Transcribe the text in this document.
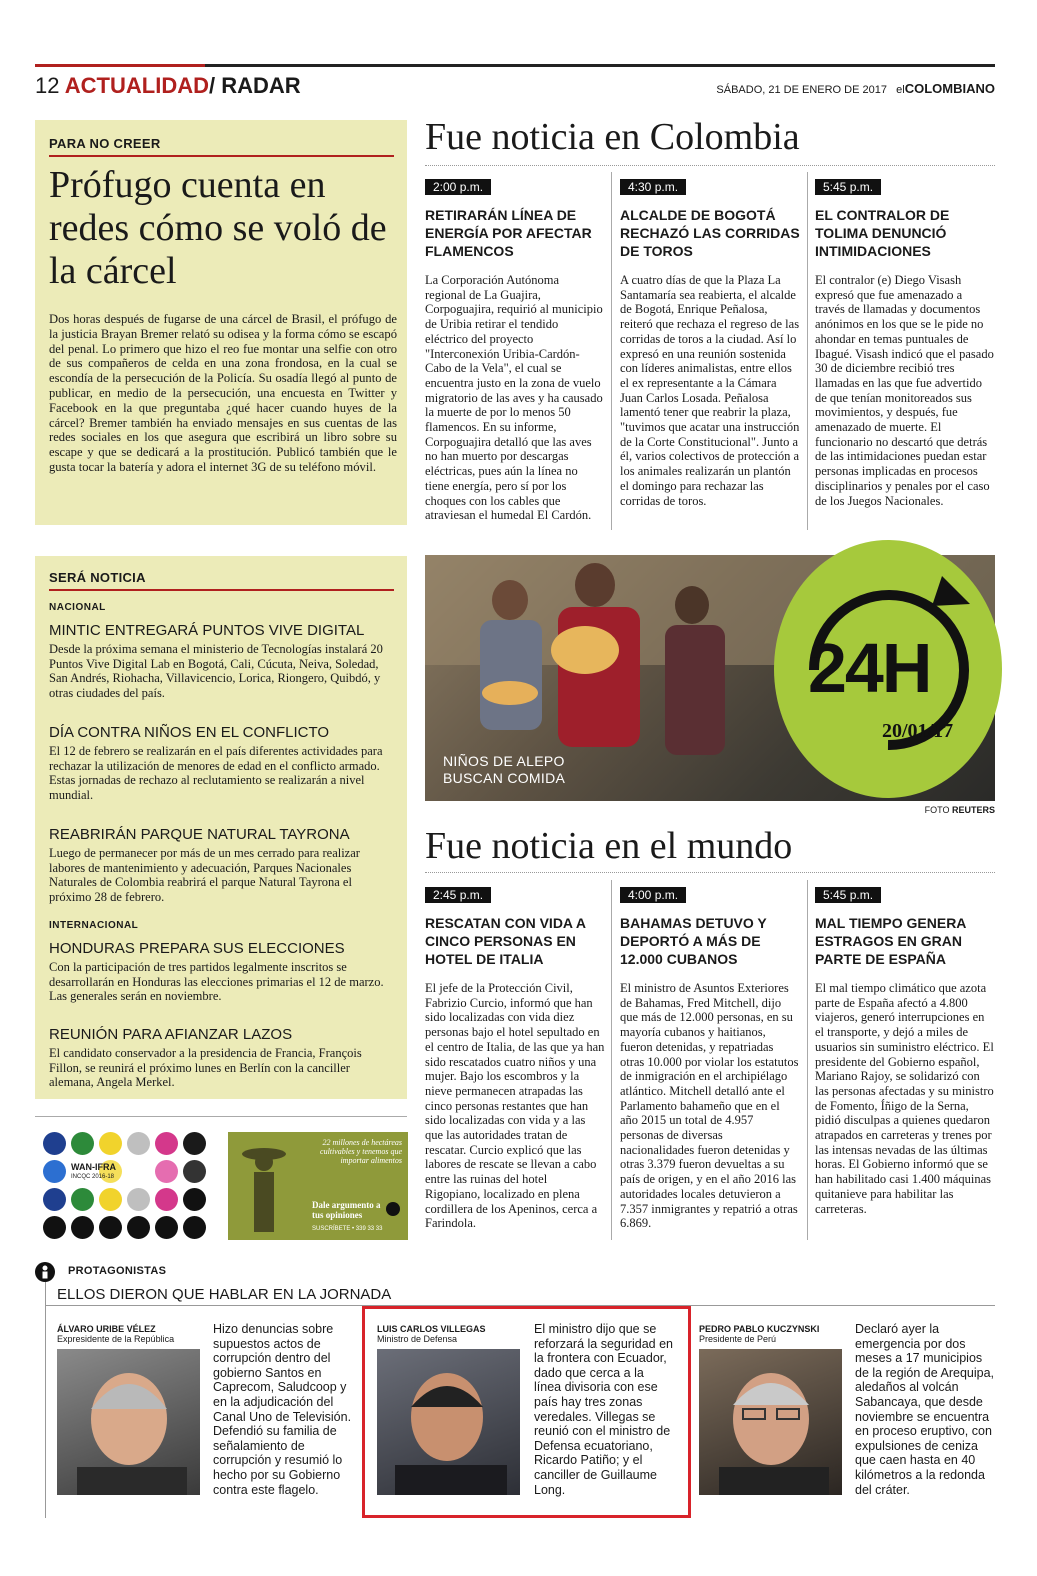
12 ACTUALIDAD/ RADAR	SÁBADO, 21 DE ENERO DE 2017 elCOLOMBIANO
PARA NO CREER
Prófugo cuenta en redes cómo se voló de la cárcel
Dos horas después de fugarse de una cárcel de Brasil, el prófugo de la justicia Brayan Bremer relató su odisea y la forma cómo se escapó del penal. Lo primero que hizo el reo fue montar una selfie con otro de sus compañeros de celda en una zona frondosa, en la cual se escondía de la persecución de la Policía. Su osadía llegó al punto de publicar, en medio de la persecución, una encuesta en Twitter y Facebook en la que preguntaba ¿qué hacer cuando huyes de la cárcel? Bremer también ha enviado mensajes en sus cuentas de las redes sociales en los que asegura que escribirá un libro sobre su escape y que se dedicará a la prostitución. Publicó también que le gusta tocar la batería y adora el internet 3G de su teléfono móvil.
Fue noticia en Colombia
2:00 p.m.
RETIRARÁN LÍNEA DE ENERGÍA POR AFECTAR FLAMENCOS
La Corporación Autónoma regional de La Guajira, Corpoguajira, requirió al municipio de Uribia retirar el tendido eléctrico del proyecto "Interconexión Uribia-Cardón-Cabo de la Vela", el cual se encuentra justo en la zona de vuelo migratorio de las aves y ha causado la muerte de por lo menos 50 flamencos. En su informe, Corpoguajira detalló que las aves no han muerto por descargas eléctricas, pues aún la línea no tiene energía, pero sí por los choques con los cables que atraviesan el humedal El Cardón.
4:30 p.m.
ALCALDE DE BOGOTÁ RECHAZÓ LAS CORRIDAS DE TOROS
A cuatro días de que la Plaza La Santamaría sea reabierta, el alcalde de Bogotá, Enrique Peñalosa, reiteró que rechaza el regreso de las corridas de toros a la ciudad. Así lo expresó en una reunión sostenida con líderes animalistas, entre ellos el ex representante a la Cámara Juan Carlos Losada. Peñalosa lamentó tener que reabrir la plaza, "tuvimos que acatar una instrucción de la Corte Constitucional". Junto a él, varios colectivos de protección a los animales realizarán un plantón el domingo para rechazar las corridas de toros.
5:45 p.m.
EL CONTRALOR DE TOLIMA DENUNCIÓ INTIMIDACIONES
El contralor (e) Diego Visash expresó que fue amenazado a través de llamadas y documentos anónimos en los que se le pide no ahondar en temas puntuales de Ibagué. Visash indicó que el pasado 30 de diciembre recibió tres llamadas en las que fue advertido de que tenían monitoreados sus movimientos, y después, fue amenazado de muerte. El funcionario no descartó que detrás de las intimidaciones puedan estar personas implicadas en procesos disciplinarios y penales por el caso de los Juegos Nacionales.
SERÁ NOTICIA
NACIONAL
MINTIC ENTREGARÁ PUNTOS VIVE DIGITAL
Desde la próxima semana el ministerio de Tecnologías instalará 20 Puntos Vive Digital Lab en Bogotá, Cali, Cúcuta, Neiva, Soledad, San Andrés, Riohacha, Villavicencio, Lorica, Riongero, Quibdó, y otras ciudades del país.
DÍA CONTRA NIÑOS EN EL CONFLICTO
El 12 de febrero se realizarán en el país diferentes actividades para rechazar la utilización de menores de edad en el conflicto armado. Estas jornadas de rechazo al reclutamiento se realizarán a nivel mundial.
REABRIRÁN PARQUE NATURAL TAYRONA
Luego de permanecer por más de un mes cerrado para realizar labores de mantenimiento y adecuación, Parques Nacionales Naturales de Colombia reabrirá el parque Natural Tayrona el próximo 28 de febrero.
INTERNACIONAL
HONDURAS PREPARA SUS ELECCIONES
Con la participación de tres partidos legalmente inscritos se desarrollarán en Honduras las elecciones primarias el 12 de marzo. Las generales serán en noviembre.
REUNIÓN PARA AFIANZAR LAZOS
El candidato conservador a la presidencia de Francia, François Fillon, se reunirá el próximo lunes en Berlín con la canciller alemana, Angela Merkel.
NIÑOS DE ALEPO BUSCAN COMIDA
24H
20/01/17
FOTO REUTERS
Fue noticia en el mundo
2:45 p.m.
RESCATAN CON VIDA A CINCO PERSONAS EN HOTEL DE ITALIA
El jefe de la Protección Civil, Fabrizio Curcio, informó que han sido localizadas con vida diez personas bajo el hotel sepultado en el centro de Italia, de las que ya han sido rescatados cuatro niños y una mujer. Bajo los escombros y la nieve permanecen atrapadas las cinco personas restantes que han sido localizadas con vida y a las que las autoridades tratan de rescatar. Curcio explicó que las labores de rescate se llevan a cabo entre las ruinas del hotel Rigopiano, localizado en plena cordillera de los Apeninos, cerca a Farindola.
4:00 p.m.
BAHAMAS DETUVO Y DEPORTÓ A MÁS DE 12.000 CUBANOS
El ministro de Asuntos Exteriores de Bahamas, Fred Mitchell, dijo que más de 12.000 personas, en su mayoría cubanos y haitianos, fueron detenidas, y repatriadas otras 10.000 por violar los estatutos de inmigración en el archipiélago atlántico. Mitchell detalló ante el Parlamento bahameño que en el año 2015 un total de 4.957 personas de diversas nacionalidades fueron detenidas y otras 3.379 fueron devueltas a su país de origen, y en el año 2016 las autoridades locales detuvieron a 7.357 inmigrantes y repatrió a otras 6.869.
5:45 p.m.
MAL TIEMPO GENERA ESTRAGOS EN GRAN PARTE DE ESPAÑA
El mal tiempo climático que azota parte de España afectó a 4.800 viajeros, generó interrupciones en el transporte, y dejó a miles de usuarios sin suministro eléctrico. El presidente del Gobierno español, Mariano Rajoy, se solidarizó con las personas afectadas y su ministro de Fomento, Íñigo de la Serna, pidió disculpas a quienes quedaron atrapados en carreteras y trenes por las intensas nevadas de las últimas horas. El Gobierno informó que se han habilitado casi 1.400 máquinas quitanieve para habilitar las carreteras.
WAN-IFRA
INCQC 2016-18
22 millones de hectáreas cultivables y tenemos que importar alimentos
Dale argumento a tus opiniones
SUSCRÍBETE • 339 33 33
PROTAGONISTAS
ELLOS DIERON QUE HABLAR EN LA JORNADA
ÁLVARO URIBE VÉLEZ
Expresidente de la República
Hizo denuncias sobre supuestos actos de corrupción dentro del gobierno Santos en Caprecom, Saludcoop y en la adjudicación del Canal Uno de Televisión. Defendió su familia de señalamiento de corrupción y resumió lo hecho por su Gobierno contra este flagelo.
LUIS CARLOS VILLEGAS
Ministro de Defensa
El ministro dijo que se reforzará la seguridad en la frontera con Ecuador, dado que cerca a la línea divisoria con ese país hay tres zonas veredales. Villegas se reunió con el ministro de Defensa ecuatoriano, Ricardo Patiño; y el canciller de Guillaume Long.
PEDRO PABLO KUCZYNSKI
Presidente de Perú
Declaró ayer la emergencia por dos meses a 17 municipios de la región de Arequipa, aledaños al volcán Sabancaya, que desde noviembre se encuentra en proceso eruptivo, con expulsiones de ceniza que caen hasta en 40 kilómetros a la redonda del cráter.
